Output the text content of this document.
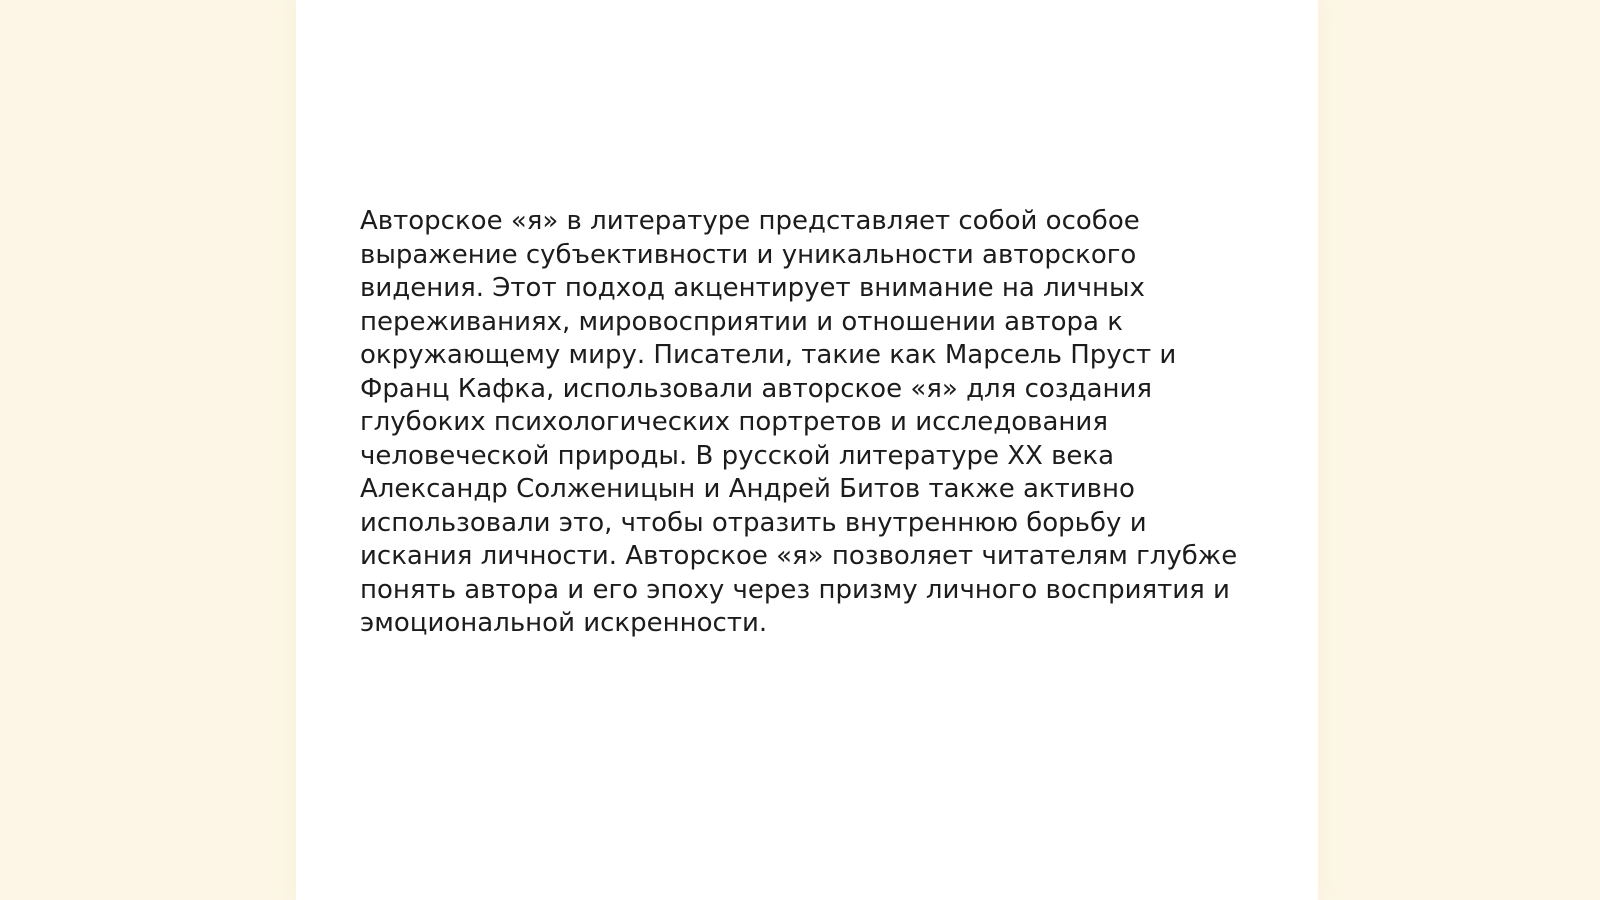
Авторское «я» в литературе представляет собой особое
выражение субъективности и уникальности авторского
видения. Этот подход акцентирует внимание на личных
переживаниях, мировосприятии и отношении автора к
окружающему миру. Писатели, такие как Марсель Пруст и
Франц Кафка, использовали авторское «я» для создания
глубоких психологических портретов и исследования
человеческой природы. В русской литературе XX века
Александр Солженицын и Андрей Битов также активно
использовали это, чтобы отразить внутреннюю борьбу и
искания личности. Авторское «я» позволяет читателям глубже
понять автора и его эпоху через призму личного восприятия и
эмоциональной искренности.
